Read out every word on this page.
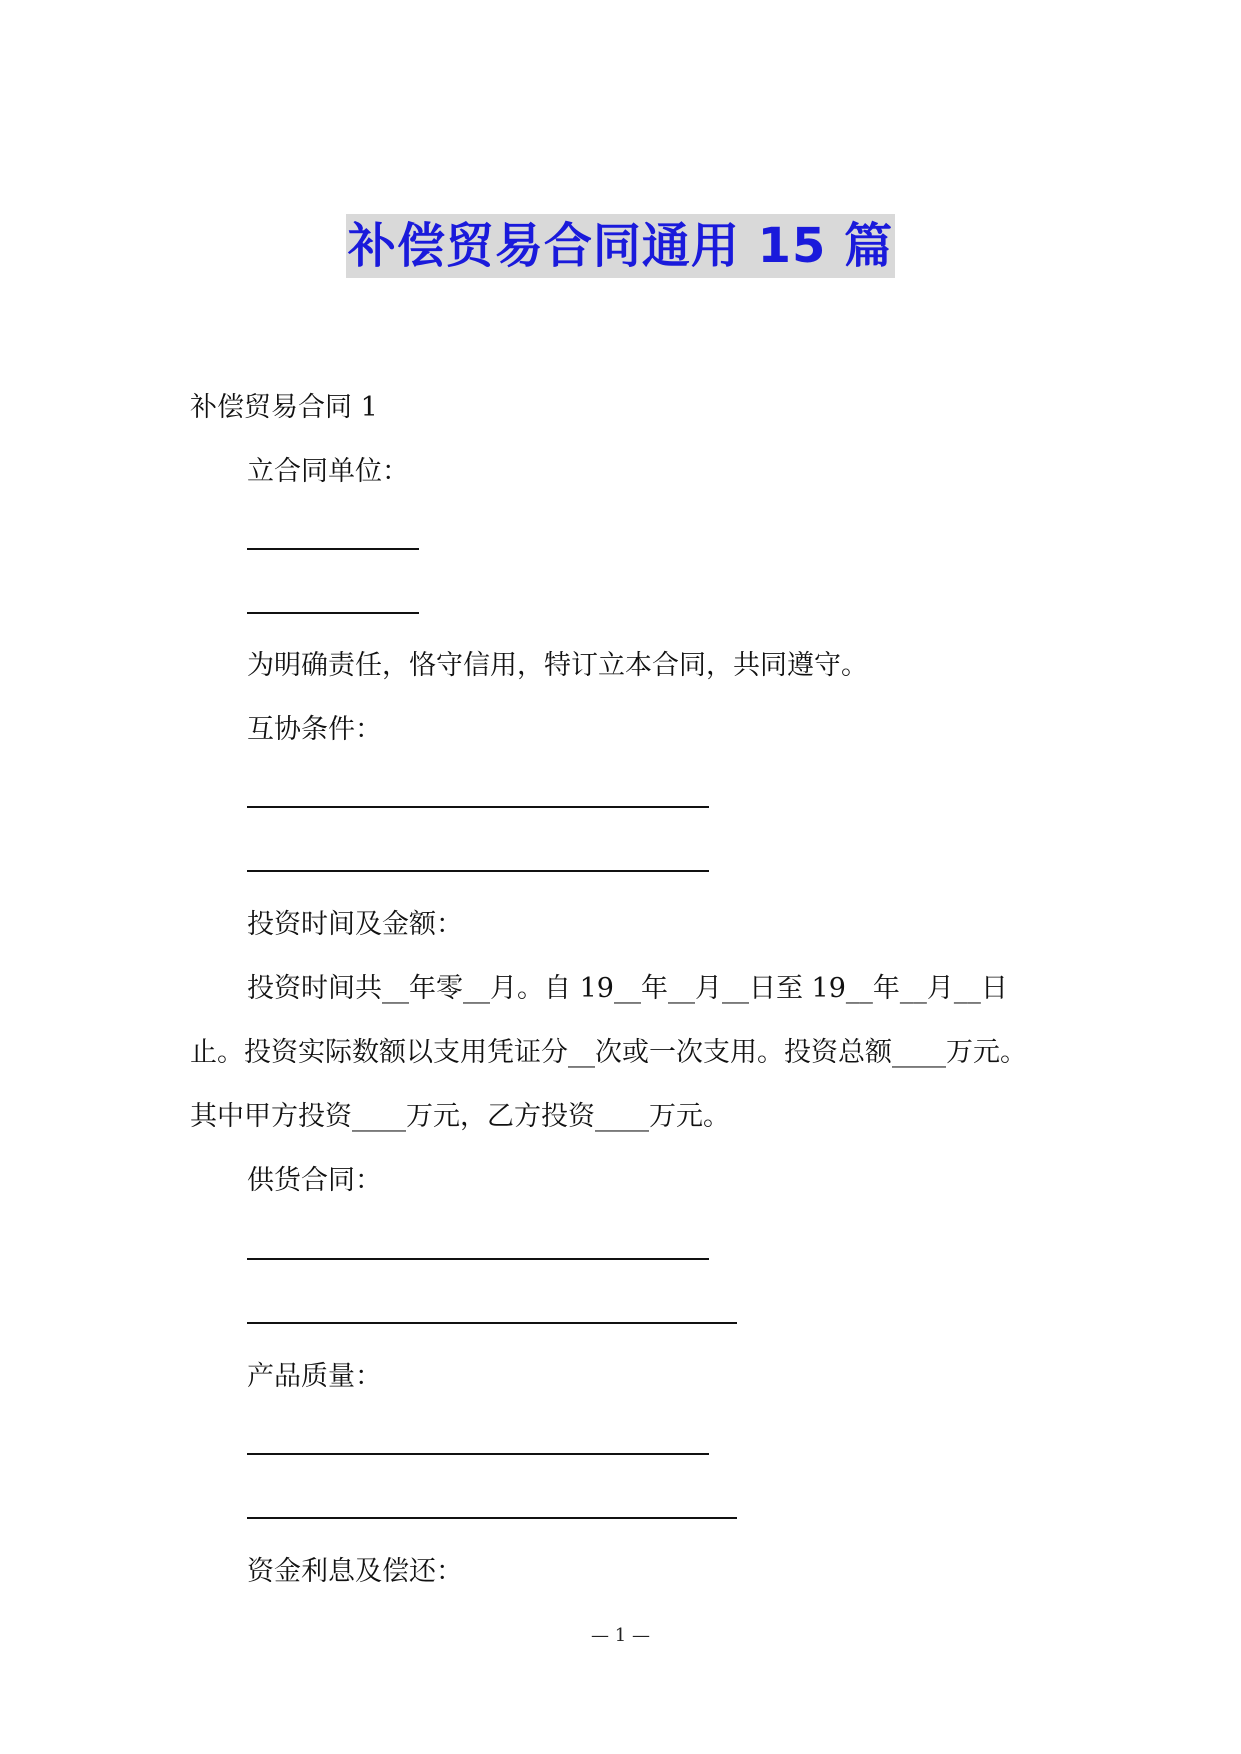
补偿贸易合同通用 15 篇
补偿贸易合同 1
立合同单位：
为明确责任，恪守信用，特订立本合同，共同遵守。
互协条件：
投资时间及金额：
投资时间共__年零__月。自 19__年__月__日至 19__年__月__日
止。投资实际数额以支用凭证分__次或一次支用。投资总额____万元。
其中甲方投资____万元，乙方投资____万元。
供货合同：
产品质量：
资金利息及偿还：
— 1 —
